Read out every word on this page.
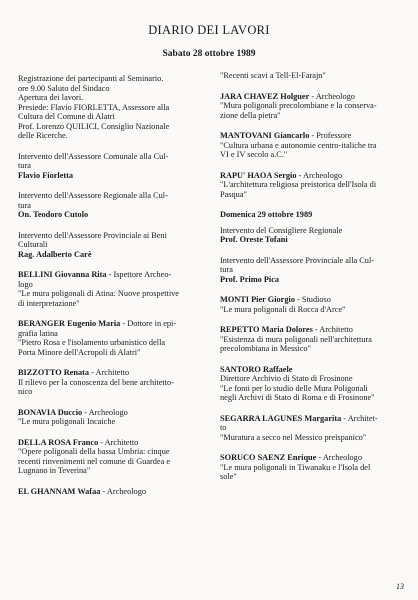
DIARIO DEI LAVORI
Sabato 28 ottobre 1989
Registrazione dei partecipanti al Seminario.
ore 9.00 Saluto del Sindaco
Apertura dei lavori.
Presiede: Flavio FIORLETTA, Assessore alla
Cultura del Comune di Alatri
Prof. Lorenzo QUILICI, Consiglio Nazionale
delle Ricerche.
Intervento dell'Assessore Comunale alla Cul-
tura
Flavio Fiorletta
Intervento dell'Assessore Regionale alla Cul-
tura
On. Teodoro Cutolo
Intervento dell'Assessore Provinciale ai Beni
Culturali
Rag. Adalberto Carè
BELLINI Giovanna Rita - Ispettore Archeo-
logo
"Le mura poligonali di Atina: Nuove prospettive
di interpretazione"
BERANGER Eugenio Maria - Dottore in epi-
grafia latina
"Pietro Rosa e l'isolamento urbanistico della
Porta Minore dell'Acropoli di Alatri"
BIZZOTTO Renata - Architetto
Il rilievo per la conoscenza del bene architetto-
nico
BONAVIA Duccio - Archeologo
"Le mura poligonali Incaiche
DELLA ROSA Franco - Architetto
"Opere poligonali della bassa Umbria: cinque
recenti rinvenimenti nel comune di Guardea e
Lugnano in Teverina"
EL GHANNAM Wafaa - Archeologo
"Recenti scavi a Tell-El-Farajn"
JARA CHAVEZ Holguer - Archeologo
"Mura poligonali precolombiane e la conserva-
zione della pietra"
MANTOVANI Giancarlo - Professore
"Cultura urbana e autonomie centro-italiche tra
VI e IV secolo a.C."
RAPU' HAOA Sergio - Archeologo
"L'architettura religiosa preistorica dell'Isola di
Pasqua"
Domenica 29 ottobre 1989
Intervento del Consigliere Regionale
Prof. Oreste Tofani
Intervento dell'Assessore Provinciale alla Cul-
tura
Prof. Primo Pica
MONTI Pier Giorgio - Studioso
"Le mura poligonali di Rocca d'Arce"
REPETTO Maria Dolores - Architetto
"Esistenza di mura poligonali nell'architettura
precolombiana in Messico"
SANTORO Raffaele
Direttore Archivio di Stato di Frosinone
"Le fonti per lo studio delle Mura Poligonali
negli Archivi di Stato di Roma e di Frosinone"
SEGARRA LAGUNES Margarita - Architet-
to
"Muratura a secco nel Messico preispanico"
SORUCO SAENZ Enrique - Archeologo
"Le mura poligonali in Tiwanaku e l'Isola del
sole"
13
